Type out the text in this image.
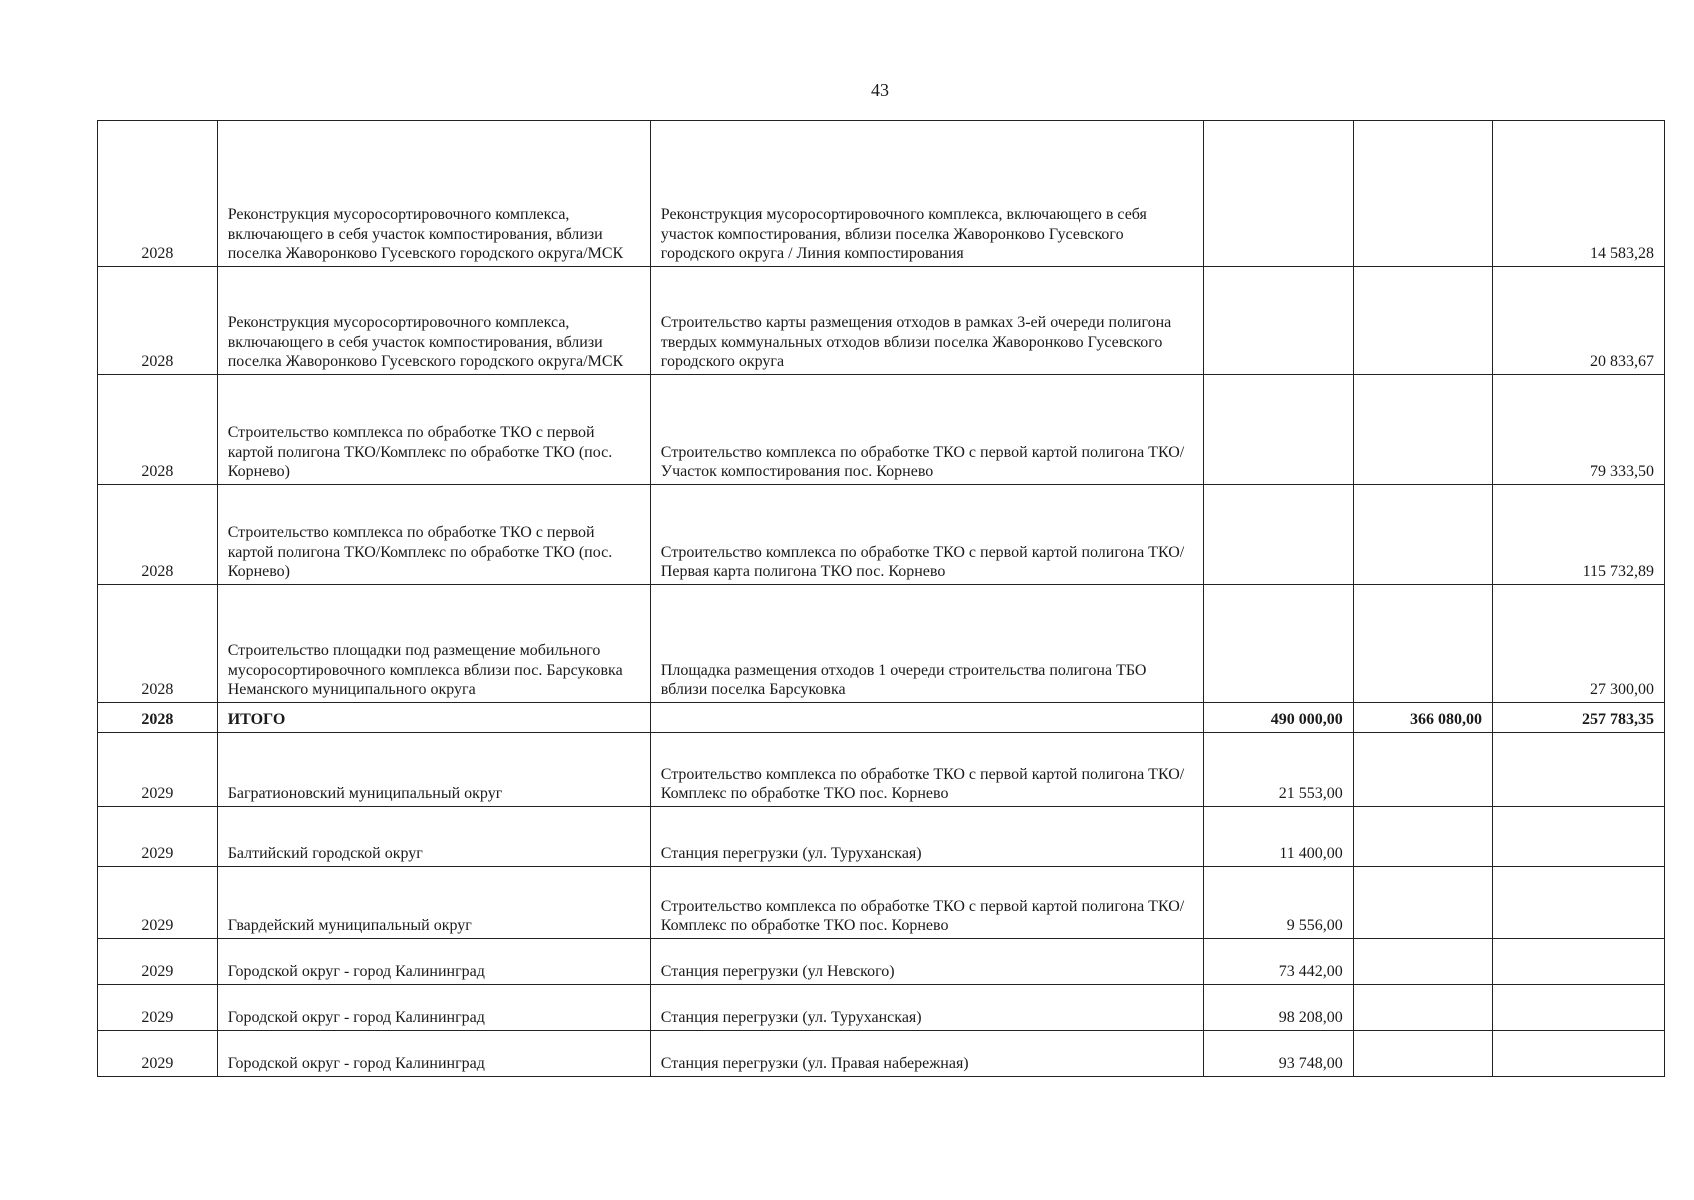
43
2028	Реконструкция мусоросортировочного комплекса, включающего в себя участок компостирования, вблизи поселка Жаворонково Гусевского городского округа/МСК	Реконструкция мусоросортировочного комплекса, включающего в себя участок компостирования, вблизи поселка Жаворонково Гусевского городского округа / Линия компостирования			14 583,28
2028	Реконструкция мусоросортировочного комплекса, включающего в себя участок компостирования, вблизи поселка Жаворонково Гусевского городского округа/МСК	Строительство карты размещения отходов в рамках 3-ей очереди полигона твердых коммунальных отходов вблизи поселка Жаворонково Гусевского городского округа			20 833,67
2028	Строительство комплекса по обработке ТКО с первой картой полигона ТКО/Комплекс по обработке ТКО (пос. Корнево)	Строительство комплекса по обработке ТКО с первой картой полигона ТКО/Участок компостирования пос. Корнево			79 333,50
2028	Строительство комплекса по обработке ТКО с первой картой полигона ТКО/Комплекс по обработке ТКО (пос. Корнево)	Строительство комплекса по обработке ТКО с первой картой полигона ТКО/Первая карта полигона ТКО пос. Корнево			115 732,89
2028	Строительство площадки под размещение мобильного мусоросортировочного комплекса вблизи пос. Барсуковка Неманского муниципального округа	Площадка размещения отходов 1 очереди строительства полигона ТБО вблизи поселка Барсуковка			27 300,00
2028	ИТОГО		490 000,00	366 080,00	257 783,35
2029	Багратионовский муниципальный округ	Строительство комплекса по обработке ТКО с первой картой полигона ТКО/Комплекс по обработке ТКО пос. Корнево	21 553,00		
2029	Балтийский городской округ	Станция перегрузки (ул. Туруханская)	11 400,00		
2029	Гвардейский муниципальный округ	Строительство комплекса по обработке ТКО с первой картой полигона ТКО/Комплекс по обработке ТКО пос. Корнево	9 556,00		
2029	Городской округ - город Калининград	Станция перегрузки (ул Невского)	73 442,00		
2029	Городской округ - город Калининград	Станция перегрузки (ул. Туруханская)	98 208,00		
2029	Городской округ - город Калининград	Станция перегрузки (ул. Правая набережная)	93 748,00		
